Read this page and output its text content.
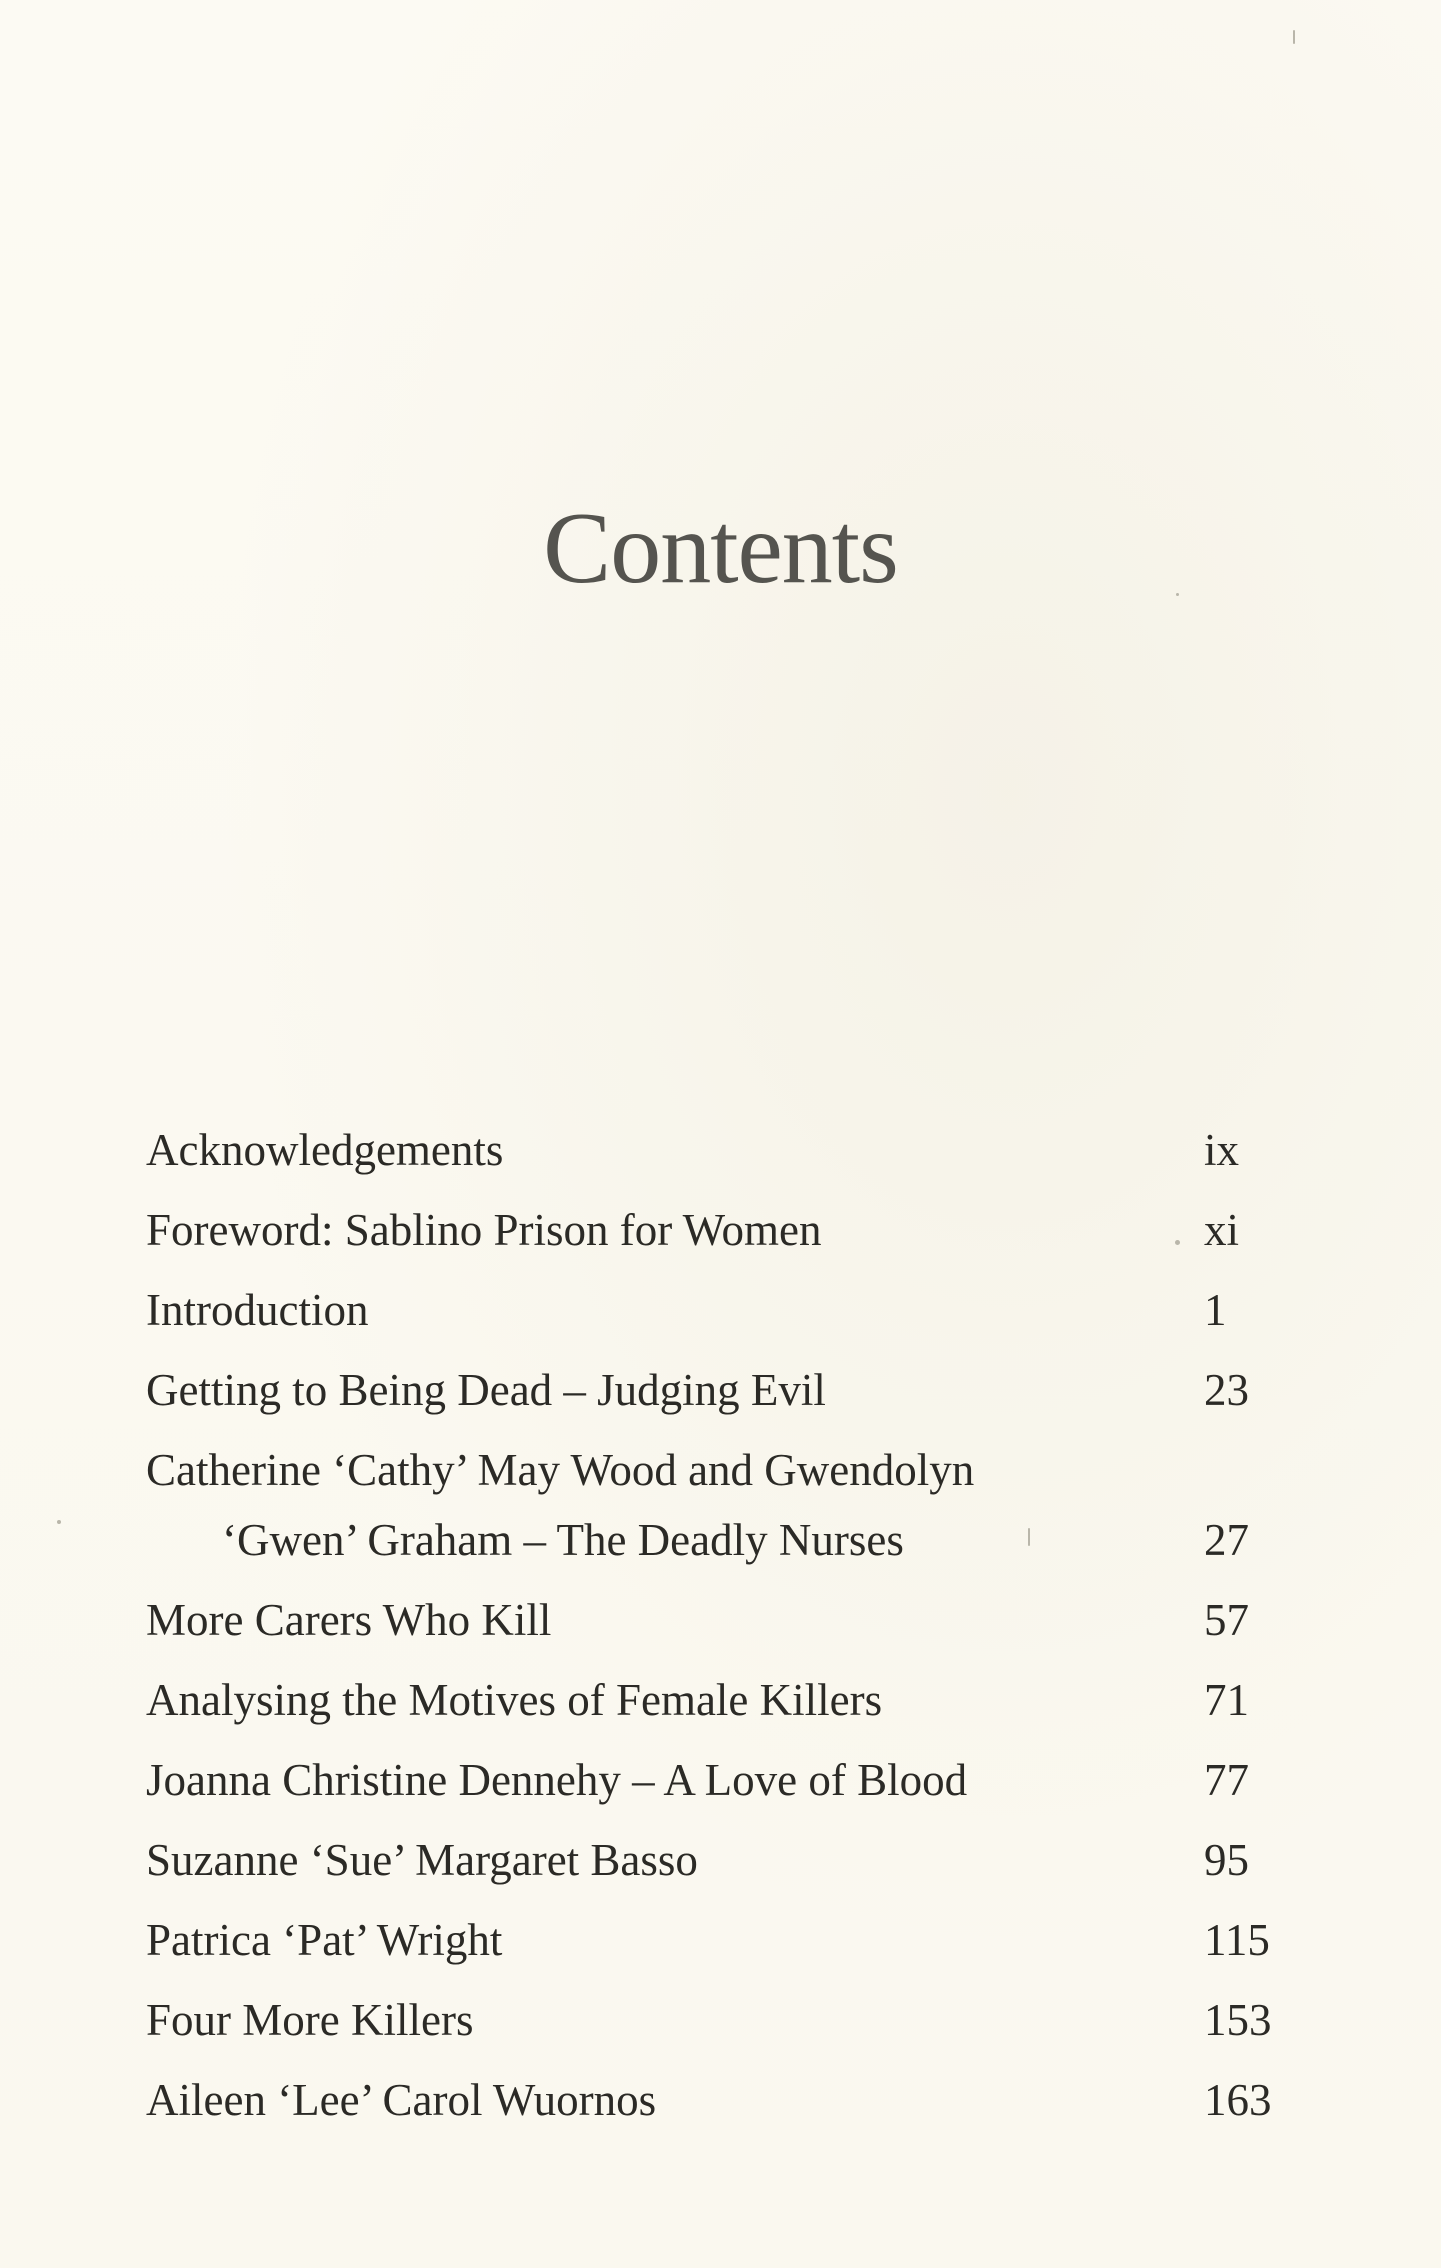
Contents
Acknowledgements	ix
Foreword: Sablino Prison for Women	xi
Introduction	1
Getting to Being Dead – Judging Evil	23
Catherine ‘Cathy’ May Wood and Gwendolyn
‘Gwen’ Graham – The Deadly Nurses	27
More Carers Who Kill	57
Analysing the Motives of Female Killers	71
Joanna Christine Dennehy – A Love of Blood	77
Suzanne ‘Sue’ Margaret Basso	95
Patrica ‘Pat’ Wright	115
Four More Killers	153
Aileen ‘Lee’ Carol Wuornos	163
